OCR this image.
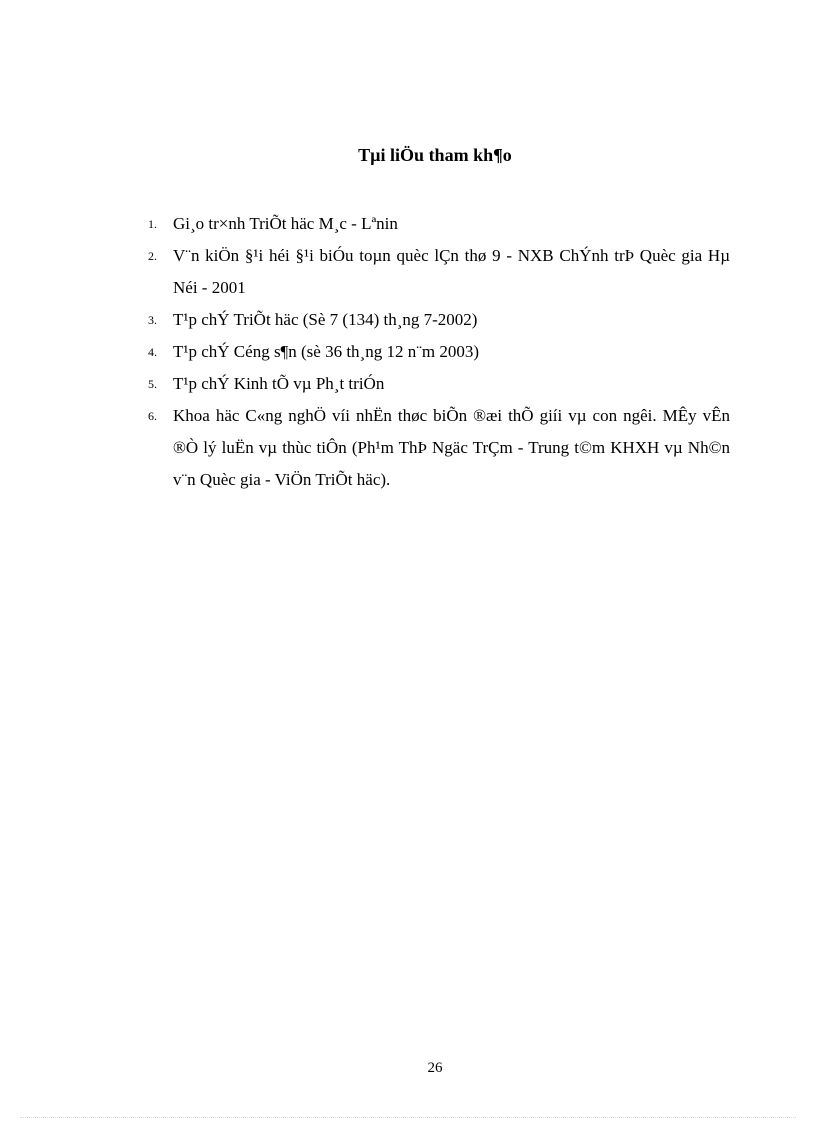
Tµi liÖu tham kh¶o
1. Gi¸o tr×nh TriÕt häc M¸c - Lªnin
2. V¨n kiÖn §¹i héi §¹i biÓu toµn quèc lÇn thø 9 - NXB ChÝnh trÞ Quèc gia Hµ Néi - 2001
3. T¹p chÝ TriÕt häc (Sè 7 (134) th¸ng 7-2002)
4. T¹p chÝ Céng s¶n (sè 36 th¸ng 12 n¨m 2003)
5. T¹p chÝ Kinh tÕ vµ Ph¸t triÓn
6. Khoa häc C«ng nghÖ víi nhËn thøc biÕn ®æi thÕ giíi vµ con ngêi. MÊy vÊn ®Ò lý luËn vµ thùc tiÔn (Ph¹m ThÞ Ngäc TrÇm - Trung t©m KHXH vµ Nh©n v¨n Quèc gia - ViÖn TriÕt häc).
26
